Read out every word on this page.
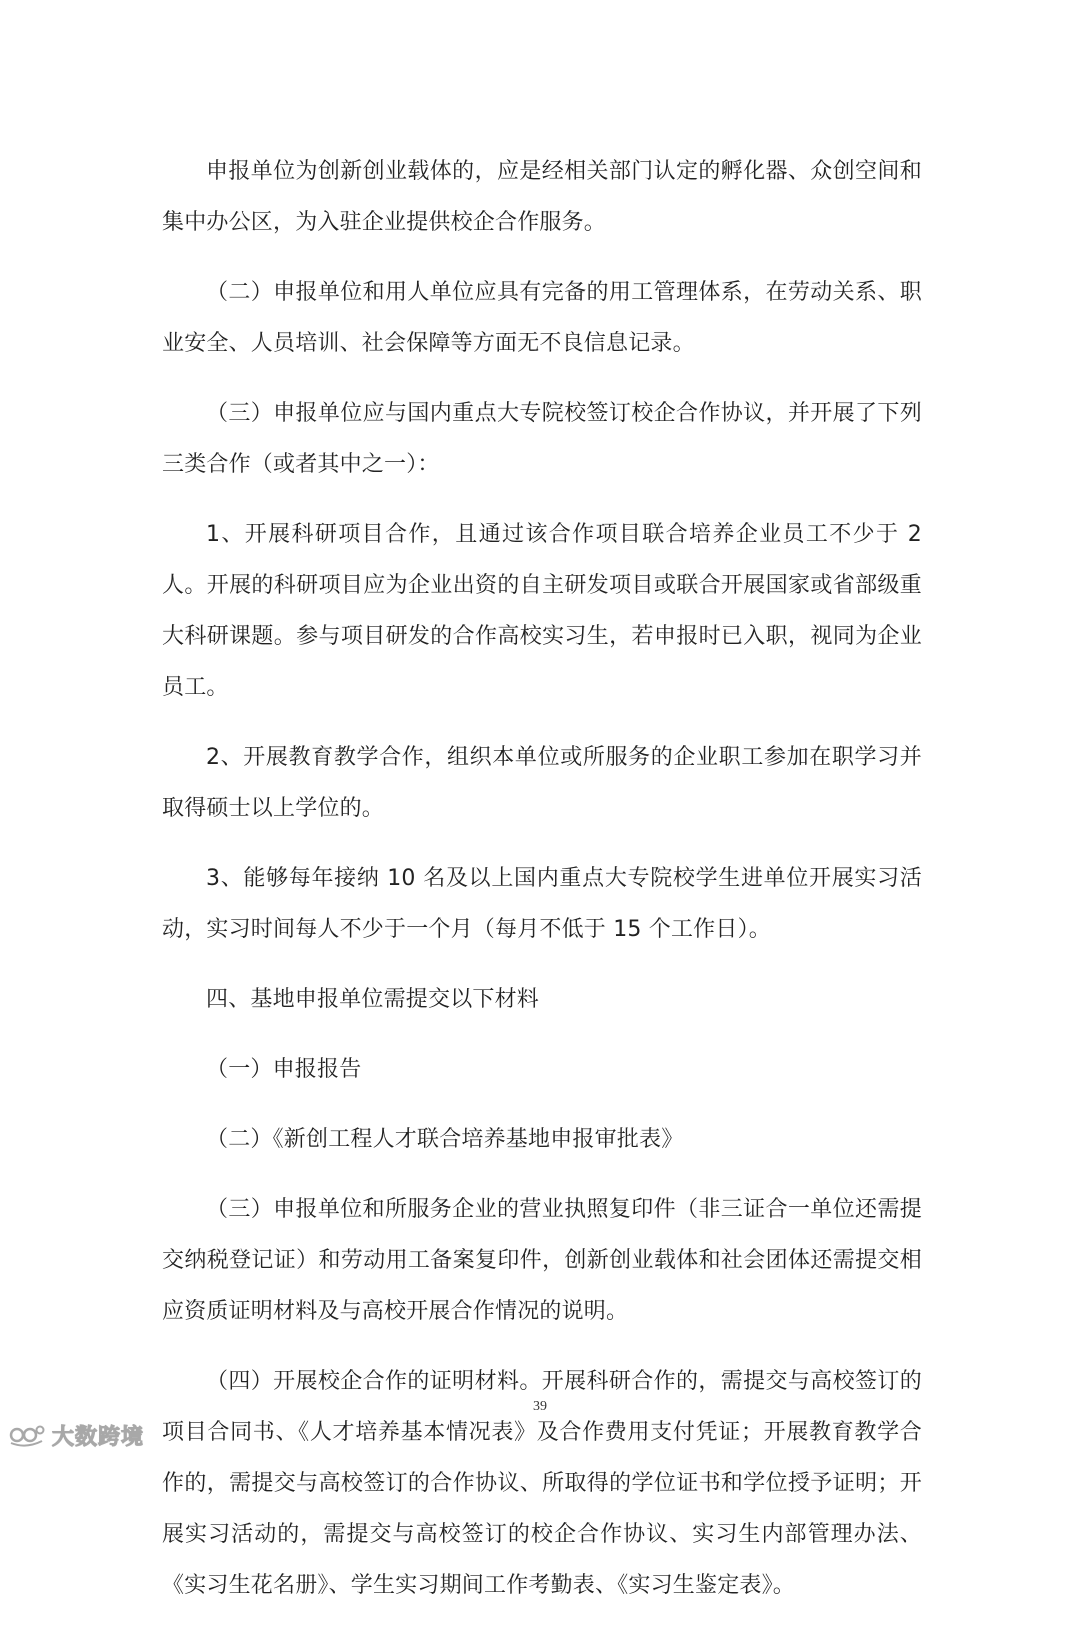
申报单位为创新创业载体的，应是经相关部门认定的孵化器、众创空间和集中办公区，为入驻企业提供校企合作服务。

（二）申报单位和用人单位应具有完备的用工管理体系，在劳动关系、职业安全、人员培训、社会保障等方面无不良信息记录。

（三）申报单位应与国内重点大专院校签订校企合作协议，并开展了下列三类合作（或者其中之一）：

1、开展科研项目合作，且通过该合作项目联合培养企业员工不少于 2 人。开展的科研项目应为企业出资的自主研发项目或联合开展国家或省部级重大科研课题。参与项目研发的合作高校实习生，若申报时已入职，视同为企业员工。

2、开展教育教学合作，组织本单位或所服务的企业职工参加在职学习并取得硕士以上学位的。

3、能够每年接纳 10 名及以上国内重点大专院校学生进单位开展实习活动，实习时间每人不少于一个月（每月不低于 15 个工作日）。

四、基地申报单位需提交以下材料

（一）申报报告

（二）《新创工程人才联合培养基地申报审批表》

（三）申报单位和所服务企业的营业执照复印件（非三证合一单位还需提交纳税登记证）和劳动用工备案复印件，创新创业载体和社会团体还需提交相应资质证明材料及与高校开展合作情况的说明。

（四）开展校企合作的证明材料。开展科研合作的，需提交与高校签订的项目合同书、《人才培养基本情况表》及合作费用支付凭证；开展教育教学合作的，需提交与高校签订的合作协议、所取得的学位证书和学位授予证明；开展实习活动的，需提交与高校签订的校企合作协议、实习生内部管理办法、《实习生花名册》、学生实习期间工作考勤表、《实习生鉴定表》。

39
大数跨境
